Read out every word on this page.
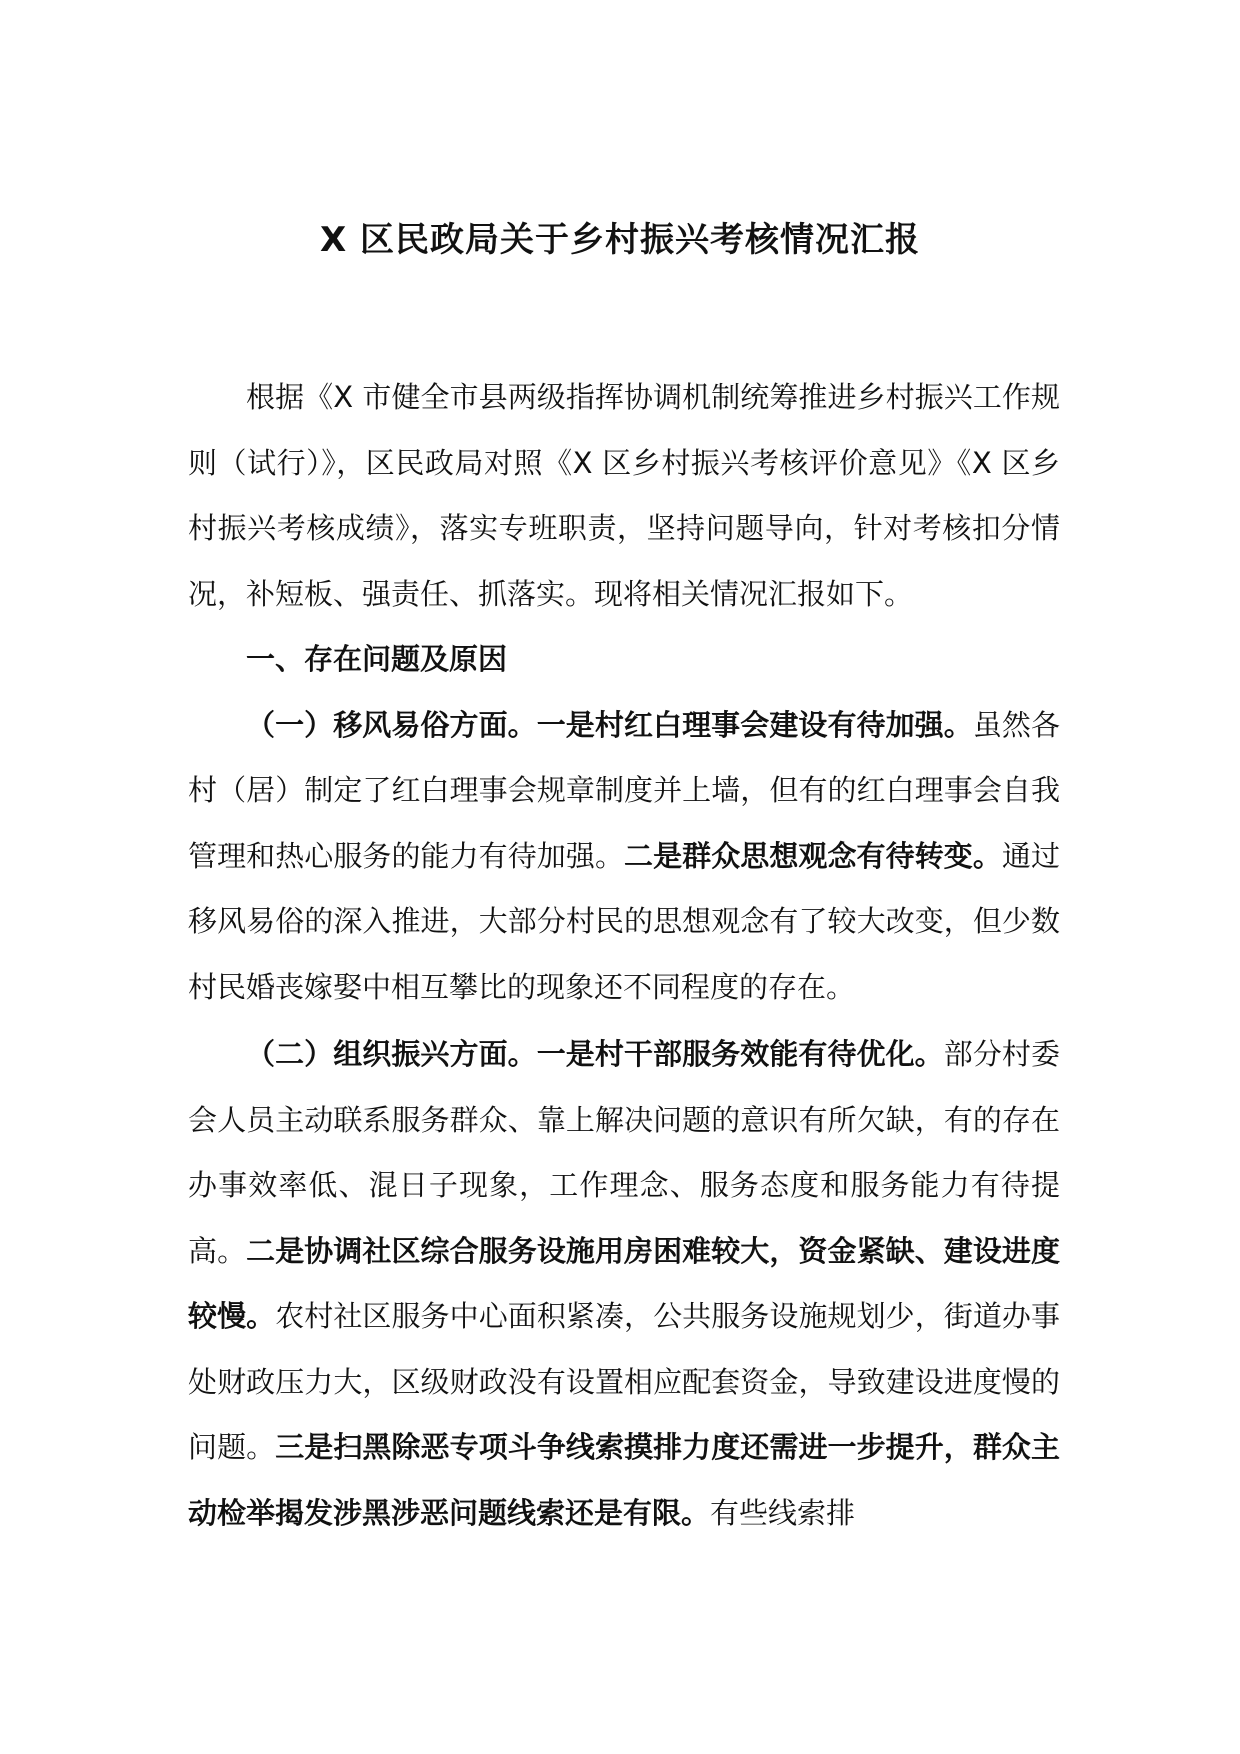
X 区民政局关于乡村振兴考核情况汇报

根据《X 市健全市县两级指挥协调机制统筹推进乡村振兴工作规则（试行）》，区民政局对照《X 区乡村振兴考核评价意见》《X 区乡村振兴考核成绩》，落实专班职责，坚持问题导向，针对考核扣分情况，补短板、强责任、抓落实。现将相关情况汇报如下。

一、存在问题及原因

（一）移风易俗方面。一是村红白理事会建设有待加强。虽然各村（居）制定了红白理事会规章制度并上墙，但有的红白理事会自我管理和热心服务的能力有待加强。二是群众思想观念有待转变。通过移风易俗的深入推进，大部分村民的思想观念有了较大改变，但少数村民婚丧嫁娶中相互攀比的现象还不同程度的存在。

（二）组织振兴方面。一是村干部服务效能有待优化。部分村委会人员主动联系服务群众、靠上解决问题的意识有所欠缺，有的存在办事效率低、混日子现象，工作理念、服务态度和服务能力有待提高。二是协调社区综合服务设施用房困难较大，资金紧缺、建设进度较慢。农村社区服务中心面积紧凑，公共服务设施规划少，街道办事处财政压力大，区级财政没有设置相应配套资金，导致建设进度慢的问题。三是扫黑除恶专项斗争线索摸排力度还需进一步提升，群众主动检举揭发涉黑涉恶问题线索还是有限。有些线索排
